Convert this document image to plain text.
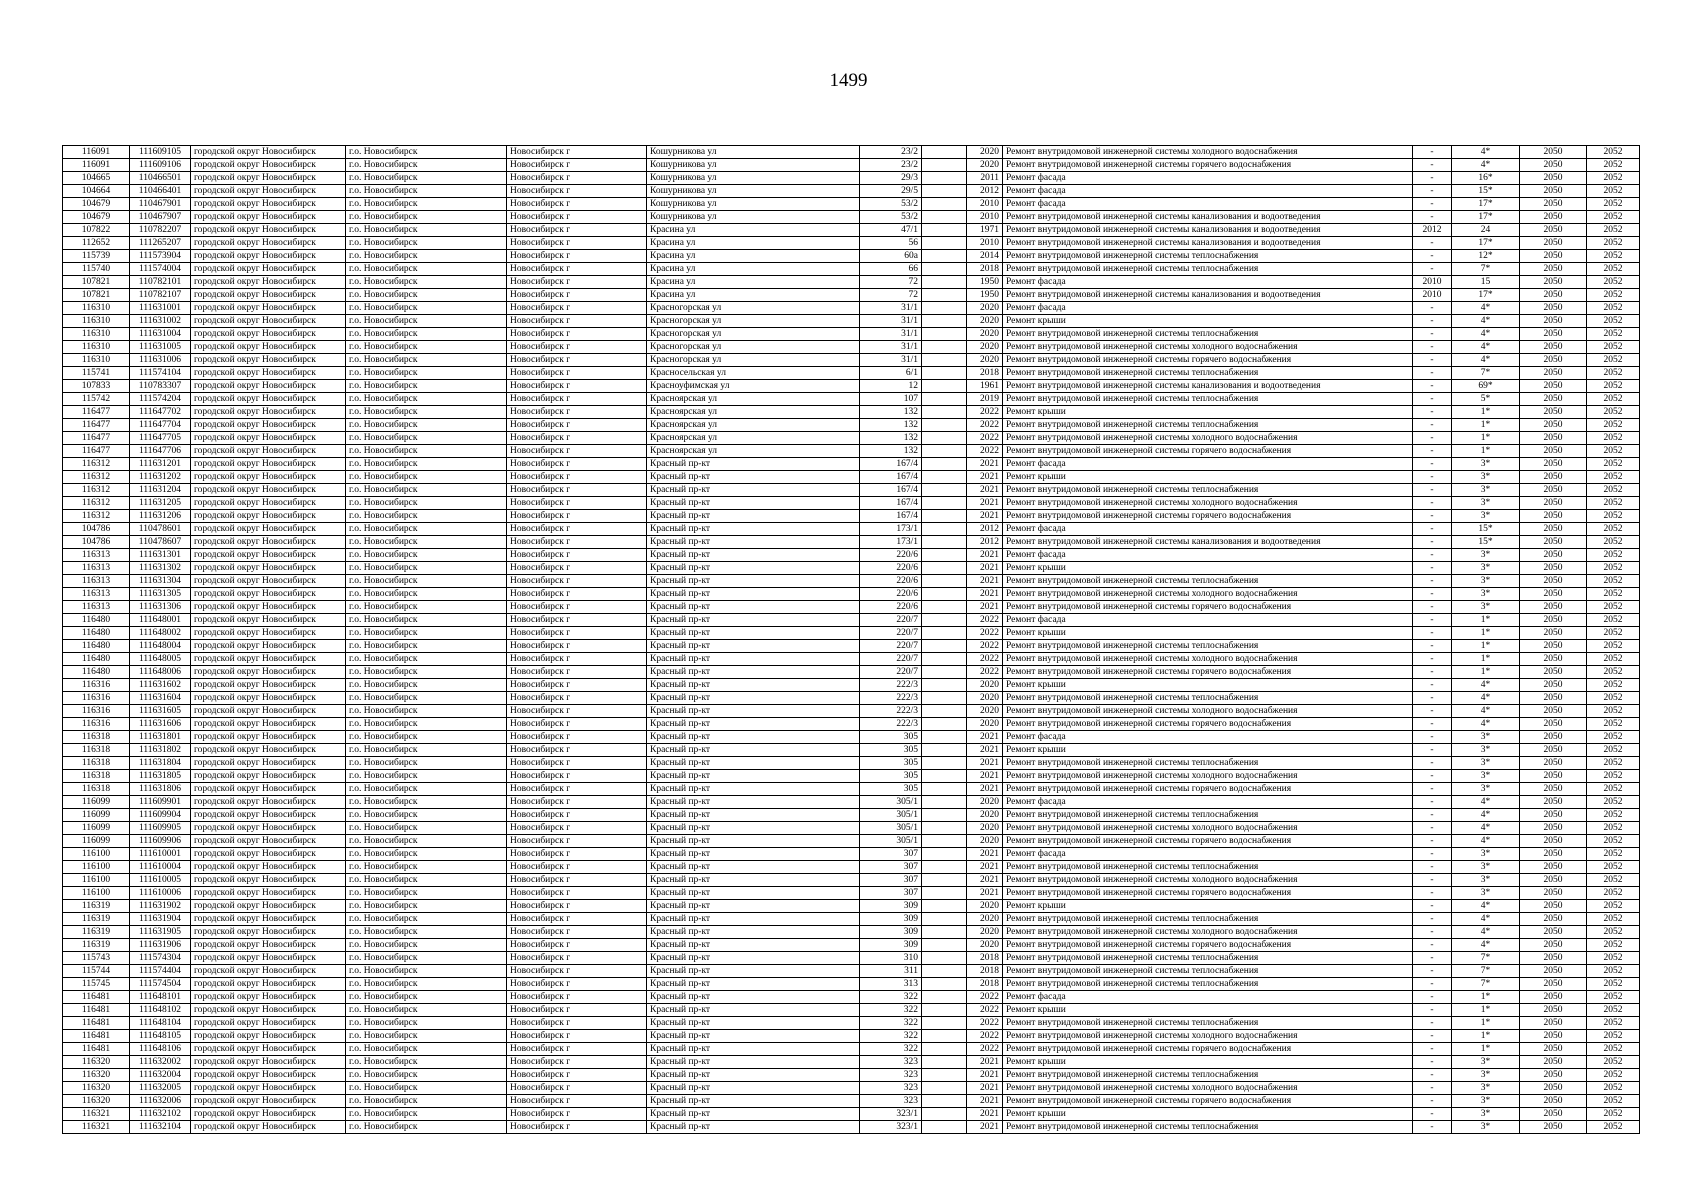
1499
116091	111609105	городской округ Новосибирск	г.о. Новосибирск	Новосибирск г	Кошурникова ул	23/2		2020	Ремонт внутридомовой инженерной системы холодного водоснабжения	-	4*	2050	2052
116091	111609106	городской округ Новосибирск	г.о. Новосибирск	Новосибирск г	Кошурникова ул	23/2		2020	Ремонт внутридомовой инженерной системы горячего водоснабжения	-	4*	2050	2052
104665	110466501	городской округ Новосибирск	г.о. Новосибирск	Новосибирск г	Кошурникова ул	29/3		2011	Ремонт фасада	-	16*	2050	2052
104664	110466401	городской округ Новосибирск	г.о. Новосибирск	Новосибирск г	Кошурникова ул	29/5		2012	Ремонт фасада	-	15*	2050	2052
104679	110467901	городской округ Новосибирск	г.о. Новосибирск	Новосибирск г	Кошурникова ул	53/2		2010	Ремонт фасада	-	17*	2050	2052
104679	110467907	городской округ Новосибирск	г.о. Новосибирск	Новосибирск г	Кошурникова ул	53/2		2010	Ремонт внутридомовой инженерной системы канализования и водоотведения	-	17*	2050	2052
107822	110782207	городской округ Новосибирск	г.о. Новосибирск	Новосибирск г	Красина ул	47/1		1971	Ремонт внутридомовой инженерной системы канализования и водоотведения	2012	24	2050	2052
112652	111265207	городской округ Новосибирск	г.о. Новосибирск	Новосибирск г	Красина ул	56		2010	Ремонт внутридомовой инженерной системы канализования и водоотведения	-	17*	2050	2052
115739	111573904	городской округ Новосибирск	г.о. Новосибирск	Новосибирск г	Красина ул	60а		2014	Ремонт внутридомовой инженерной системы теплоснабжения	-	12*	2050	2052
115740	111574004	городской округ Новосибирск	г.о. Новосибирск	Новосибирск г	Красина ул	66		2018	Ремонт внутридомовой инженерной системы теплоснабжения	-	7*	2050	2052
107821	110782101	городской округ Новосибирск	г.о. Новосибирск	Новосибирск г	Красина ул	72		1950	Ремонт фасада	2010	15	2050	2052
107821	110782107	городской округ Новосибирск	г.о. Новосибирск	Новосибирск г	Красина ул	72		1950	Ремонт внутридомовой инженерной системы канализования и водоотведения	2010	17*	2050	2052
116310	111631001	городской округ Новосибирск	г.о. Новосибирск	Новосибирск г	Красногорская ул	31/1		2020	Ремонт фасада	-	4*	2050	2052
116310	111631002	городской округ Новосибирск	г.о. Новосибирск	Новосибирск г	Красногорская ул	31/1		2020	Ремонт крыши	-	4*	2050	2052
116310	111631004	городской округ Новосибирск	г.о. Новосибирск	Новосибирск г	Красногорская ул	31/1		2020	Ремонт внутридомовой инженерной системы теплоснабжения	-	4*	2050	2052
116310	111631005	городской округ Новосибирск	г.о. Новосибирск	Новосибирск г	Красногорская ул	31/1		2020	Ремонт внутридомовой инженерной системы холодного водоснабжения	-	4*	2050	2052
116310	111631006	городской округ Новосибирск	г.о. Новосибирск	Новосибирск г	Красногорская ул	31/1		2020	Ремонт внутридомовой инженерной системы горячего водоснабжения	-	4*	2050	2052
115741	111574104	городской округ Новосибирск	г.о. Новосибирск	Новосибирск г	Красносельская ул	6/1		2018	Ремонт внутридомовой инженерной системы теплоснабжения	-	7*	2050	2052
107833	110783307	городской округ Новосибирск	г.о. Новосибирск	Новосибирск г	Красноуфимская ул	12		1961	Ремонт внутридомовой инженерной системы канализования и водоотведения	-	69*	2050	2052
115742	111574204	городской округ Новосибирск	г.о. Новосибирск	Новосибирск г	Красноярская ул	107		2019	Ремонт внутридомовой инженерной системы теплоснабжения	-	5*	2050	2052
116477	111647702	городской округ Новосибирск	г.о. Новосибирск	Новосибирск г	Красноярская ул	132		2022	Ремонт крыши	-	1*	2050	2052
116477	111647704	городской округ Новосибирск	г.о. Новосибирск	Новосибирск г	Красноярская ул	132		2022	Ремонт внутридомовой инженерной системы теплоснабжения	-	1*	2050	2052
116477	111647705	городской округ Новосибирск	г.о. Новосибирск	Новосибирск г	Красноярская ул	132		2022	Ремонт внутридомовой инженерной системы холодного водоснабжения	-	1*	2050	2052
116477	111647706	городской округ Новосибирск	г.о. Новосибирск	Новосибирск г	Красноярская ул	132		2022	Ремонт внутридомовой инженерной системы горячего водоснабжения	-	1*	2050	2052
116312	111631201	городской округ Новосибирск	г.о. Новосибирск	Новосибирск г	Красный пр-кт	167/4		2021	Ремонт фасада	-	3*	2050	2052
116312	111631202	городской округ Новосибирск	г.о. Новосибирск	Новосибирск г	Красный пр-кт	167/4		2021	Ремонт крыши	-	3*	2050	2052
116312	111631204	городской округ Новосибирск	г.о. Новосибирск	Новосибирск г	Красный пр-кт	167/4		2021	Ремонт внутридомовой инженерной системы теплоснабжения	-	3*	2050	2052
116312	111631205	городской округ Новосибирск	г.о. Новосибирск	Новосибирск г	Красный пр-кт	167/4		2021	Ремонт внутридомовой инженерной системы холодного водоснабжения	-	3*	2050	2052
116312	111631206	городской округ Новосибирск	г.о. Новосибирск	Новосибирск г	Красный пр-кт	167/4		2021	Ремонт внутридомовой инженерной системы горячего водоснабжения	-	3*	2050	2052
104786	110478601	городской округ Новосибирск	г.о. Новосибирск	Новосибирск г	Красный пр-кт	173/1		2012	Ремонт фасада	-	15*	2050	2052
104786	110478607	городской округ Новосибирск	г.о. Новосибирск	Новосибирск г	Красный пр-кт	173/1		2012	Ремонт внутридомовой инженерной системы канализования и водоотведения	-	15*	2050	2052
116313	111631301	городской округ Новосибирск	г.о. Новосибирск	Новосибирск г	Красный пр-кт	220/6		2021	Ремонт фасада	-	3*	2050	2052
116313	111631302	городской округ Новосибирск	г.о. Новосибирск	Новосибирск г	Красный пр-кт	220/6		2021	Ремонт крыши	-	3*	2050	2052
116313	111631304	городской округ Новосибирск	г.о. Новосибирск	Новосибирск г	Красный пр-кт	220/6		2021	Ремонт внутридомовой инженерной системы теплоснабжения	-	3*	2050	2052
116313	111631305	городской округ Новосибирск	г.о. Новосибирск	Новосибирск г	Красный пр-кт	220/6		2021	Ремонт внутридомовой инженерной системы холодного водоснабжения	-	3*	2050	2052
116313	111631306	городской округ Новосибирск	г.о. Новосибирск	Новосибирск г	Красный пр-кт	220/6		2021	Ремонт внутридомовой инженерной системы горячего водоснабжения	-	3*	2050	2052
116480	111648001	городской округ Новосибирск	г.о. Новосибирск	Новосибирск г	Красный пр-кт	220/7		2022	Ремонт фасада	-	1*	2050	2052
116480	111648002	городской округ Новосибирск	г.о. Новосибирск	Новосибирск г	Красный пр-кт	220/7		2022	Ремонт крыши	-	1*	2050	2052
116480	111648004	городской округ Новосибирск	г.о. Новосибирск	Новосибирск г	Красный пр-кт	220/7		2022	Ремонт внутридомовой инженерной системы теплоснабжения	-	1*	2050	2052
116480	111648005	городской округ Новосибирск	г.о. Новосибирск	Новосибирск г	Красный пр-кт	220/7		2022	Ремонт внутридомовой инженерной системы холодного водоснабжения	-	1*	2050	2052
116480	111648006	городской округ Новосибирск	г.о. Новосибирск	Новосибирск г	Красный пр-кт	220/7		2022	Ремонт внутридомовой инженерной системы горячего водоснабжения	-	1*	2050	2052
116316	111631602	городской округ Новосибирск	г.о. Новосибирск	Новосибирск г	Красный пр-кт	222/3		2020	Ремонт крыши	-	4*	2050	2052
116316	111631604	городской округ Новосибирск	г.о. Новосибирск	Новосибирск г	Красный пр-кт	222/3		2020	Ремонт внутридомовой инженерной системы теплоснабжения	-	4*	2050	2052
116316	111631605	городской округ Новосибирск	г.о. Новосибирск	Новосибирск г	Красный пр-кт	222/3		2020	Ремонт внутридомовой инженерной системы холодного водоснабжения	-	4*	2050	2052
116316	111631606	городской округ Новосибирск	г.о. Новосибирск	Новосибирск г	Красный пр-кт	222/3		2020	Ремонт внутридомовой инженерной системы горячего водоснабжения	-	4*	2050	2052
116318	111631801	городской округ Новосибирск	г.о. Новосибирск	Новосибирск г	Красный пр-кт	305		2021	Ремонт фасада	-	3*	2050	2052
116318	111631802	городской округ Новосибирск	г.о. Новосибирск	Новосибирск г	Красный пр-кт	305		2021	Ремонт крыши	-	3*	2050	2052
116318	111631804	городской округ Новосибирск	г.о. Новосибирск	Новосибирск г	Красный пр-кт	305		2021	Ремонт внутридомовой инженерной системы теплоснабжения	-	3*	2050	2052
116318	111631805	городской округ Новосибирск	г.о. Новосибирск	Новосибирск г	Красный пр-кт	305		2021	Ремонт внутридомовой инженерной системы холодного водоснабжения	-	3*	2050	2052
116318	111631806	городской округ Новосибирск	г.о. Новосибирск	Новосибирск г	Красный пр-кт	305		2021	Ремонт внутридомовой инженерной системы горячего водоснабжения	-	3*	2050	2052
116099	111609901	городской округ Новосибирск	г.о. Новосибирск	Новосибирск г	Красный пр-кт	305/1		2020	Ремонт фасада	-	4*	2050	2052
116099	111609904	городской округ Новосибирск	г.о. Новосибирск	Новосибирск г	Красный пр-кт	305/1		2020	Ремонт внутридомовой инженерной системы теплоснабжения	-	4*	2050	2052
116099	111609905	городской округ Новосибирск	г.о. Новосибирск	Новосибирск г	Красный пр-кт	305/1		2020	Ремонт внутридомовой инженерной системы холодного водоснабжения	-	4*	2050	2052
116099	111609906	городской округ Новосибирск	г.о. Новосибирск	Новосибирск г	Красный пр-кт	305/1		2020	Ремонт внутридомовой инженерной системы горячего водоснабжения	-	4*	2050	2052
116100	111610001	городской округ Новосибирск	г.о. Новосибирск	Новосибирск г	Красный пр-кт	307		2021	Ремонт фасада	-	3*	2050	2052
116100	111610004	городской округ Новосибирск	г.о. Новосибирск	Новосибирск г	Красный пр-кт	307		2021	Ремонт внутридомовой инженерной системы теплоснабжения	-	3*	2050	2052
116100	111610005	городской округ Новосибирск	г.о. Новосибирск	Новосибирск г	Красный пр-кт	307		2021	Ремонт внутридомовой инженерной системы холодного водоснабжения	-	3*	2050	2052
116100	111610006	городской округ Новосибирск	г.о. Новосибирск	Новосибирск г	Красный пр-кт	307		2021	Ремонт внутридомовой инженерной системы горячего водоснабжения	-	3*	2050	2052
116319	111631902	городской округ Новосибирск	г.о. Новосибирск	Новосибирск г	Красный пр-кт	309		2020	Ремонт крыши	-	4*	2050	2052
116319	111631904	городской округ Новосибирск	г.о. Новосибирск	Новосибирск г	Красный пр-кт	309		2020	Ремонт внутридомовой инженерной системы теплоснабжения	-	4*	2050	2052
116319	111631905	городской округ Новосибирск	г.о. Новосибирск	Новосибирск г	Красный пр-кт	309		2020	Ремонт внутридомовой инженерной системы холодного водоснабжения	-	4*	2050	2052
116319	111631906	городской округ Новосибирск	г.о. Новосибирск	Новосибирск г	Красный пр-кт	309		2020	Ремонт внутридомовой инженерной системы горячего водоснабжения	-	4*	2050	2052
115743	111574304	городской округ Новосибирск	г.о. Новосибирск	Новосибирск г	Красный пр-кт	310		2018	Ремонт внутридомовой инженерной системы теплоснабжения	-	7*	2050	2052
115744	111574404	городской округ Новосибирск	г.о. Новосибирск	Новосибирск г	Красный пр-кт	311		2018	Ремонт внутридомовой инженерной системы теплоснабжения	-	7*	2050	2052
115745	111574504	городской округ Новосибирск	г.о. Новосибирск	Новосибирск г	Красный пр-кт	313		2018	Ремонт внутридомовой инженерной системы теплоснабжения	-	7*	2050	2052
116481	111648101	городской округ Новосибирск	г.о. Новосибирск	Новосибирск г	Красный пр-кт	322		2022	Ремонт фасада	-	1*	2050	2052
116481	111648102	городской округ Новосибирск	г.о. Новосибирск	Новосибирск г	Красный пр-кт	322		2022	Ремонт крыши	-	1*	2050	2052
116481	111648104	городской округ Новосибирск	г.о. Новосибирск	Новосибирск г	Красный пр-кт	322		2022	Ремонт внутридомовой инженерной системы теплоснабжения	-	1*	2050	2052
116481	111648105	городской округ Новосибирск	г.о. Новосибирск	Новосибирск г	Красный пр-кт	322		2022	Ремонт внутридомовой инженерной системы холодного водоснабжения	-	1*	2050	2052
116481	111648106	городской округ Новосибирск	г.о. Новосибирск	Новосибирск г	Красный пр-кт	322		2022	Ремонт внутридомовой инженерной системы горячего водоснабжения	-	1*	2050	2052
116320	111632002	городской округ Новосибирск	г.о. Новосибирск	Новосибирск г	Красный пр-кт	323		2021	Ремонт крыши	-	3*	2050	2052
116320	111632004	городской округ Новосибирск	г.о. Новосибирск	Новосибирск г	Красный пр-кт	323		2021	Ремонт внутридомовой инженерной системы теплоснабжения	-	3*	2050	2052
116320	111632005	городской округ Новосибирск	г.о. Новосибирск	Новосибирск г	Красный пр-кт	323		2021	Ремонт внутридомовой инженерной системы холодного водоснабжения	-	3*	2050	2052
116320	111632006	городской округ Новосибирск	г.о. Новосибирск	Новосибирск г	Красный пр-кт	323		2021	Ремонт внутридомовой инженерной системы горячего водоснабжения	-	3*	2050	2052
116321	111632102	городской округ Новосибирск	г.о. Новосибирск	Новосибирск г	Красный пр-кт	323/1		2021	Ремонт крыши	-	3*	2050	2052
116321	111632104	городской округ Новосибирск	г.о. Новосибирск	Новосибирск г	Красный пр-кт	323/1		2021	Ремонт внутридомовой инженерной системы теплоснабжения	-	3*	2050	2052
